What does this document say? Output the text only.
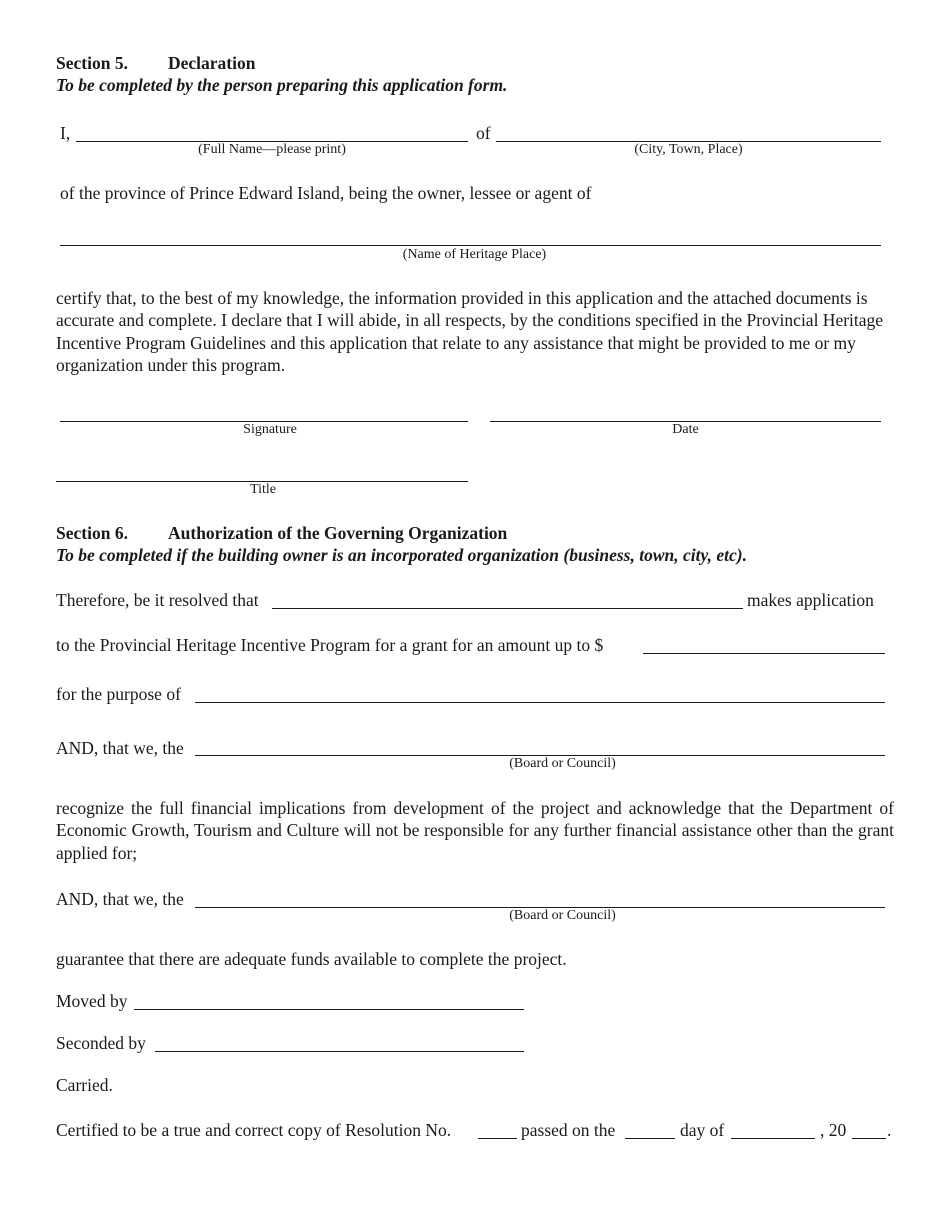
Section 5. Declaration
To be completed by the person preparing this application form.
I,
(Full Name—please print)
of
(City, Town, Place)
of the province of Prince Edward Island, being the owner, lessee or agent of
(Name of Heritage Place)
certify that, to the best of my knowledge, the information provided in this application and the attached documents is accurate and complete. I declare that I will abide, in all respects, by the conditions specified in the Provincial Heritage Incentive Program Guidelines and this application that relate to any assistance that might be provided to me or my organization under this program.
Signature	Date
Title
Section 6. Authorization of the Governing Organization
To be completed if the building owner is an incorporated organization (business, town, city, etc).
Therefore, be it resolved that	makes application
to the Provincial Heritage Incentive Program for a grant for an amount up to $
for the purpose of
AND, that we, the
(Board or Council)
recognize the full financial implications from development of the project and acknowledge that the Department of Economic Growth, Tourism and Culture will not be responsible for any further financial assistance other than the grant applied for;
AND, that we, the
(Board or Council)
guarantee that there are adequate funds available to complete the project.
Moved by
Seconded by
Carried.
Certified to be a true and correct copy of Resolution No.	passed on the	day of	, 20 .
